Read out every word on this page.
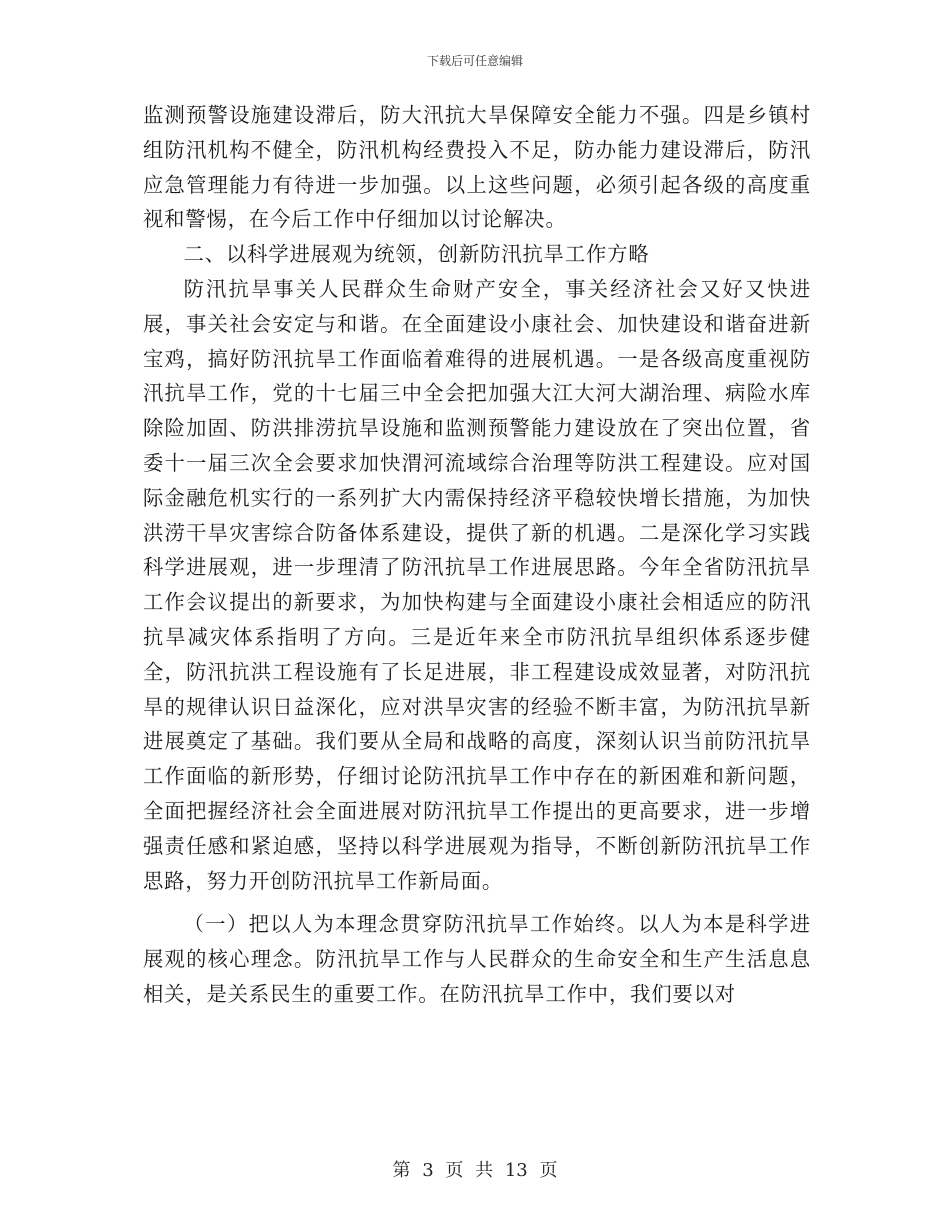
下载后可任意编辑

监测预警设施建设滞后，防大汛抗大旱保障安全能力不强。四是乡镇村组防汛机构不健全，防汛机构经费投入不足，防办能力建设滞后，防汛应急管理能力有待进一步加强。以上这些问题，必须引起各级的高度重视和警惕，在今后工作中仔细加以讨论解决。

二、以科学进展观为统领，创新防汛抗旱工作方略

防汛抗旱事关人民群众生命财产安全，事关经济社会又好又快进展，事关社会安定与和谐。在全面建设小康社会、加快建设和谐奋进新宝鸡，搞好防汛抗旱工作面临着难得的进展机遇。一是各级高度重视防汛抗旱工作，党的十七届三中全会把加强大江大河大湖治理、病险水库除险加固、防洪排涝抗旱设施和监测预警能力建设放在了突出位置，省委十一届三次全会要求加快渭河流域综合治理等防洪工程建设。应对国际金融危机实行的一系列扩大内需保持经济平稳较快增长措施，为加快洪涝干旱灾害综合防备体系建设，提供了新的机遇。二是深化学习实践科学进展观，进一步理清了防汛抗旱工作进展思路。今年全省防汛抗旱工作会议提出的新要求，为加快构建与全面建设小康社会相适应的防汛抗旱减灾体系指明了方向。三是近年来全市防汛抗旱组织体系逐步健全，防汛抗洪工程设施有了长足进展，非工程建设成效显著，对防汛抗旱的规律认识日益深化，应对洪旱灾害的经验不断丰富，为防汛抗旱新进展奠定了基础。我们要从全局和战略的高度，深刻认识当前防汛抗旱工作面临的新形势，仔细讨论防汛抗旱工作中存在的新困难和新问题，全面把握经济社会全面进展对防汛抗旱工作提出的更高要求，进一步增强责任感和紧迫感，坚持以科学进展观为指导，不断创新防汛抗旱工作思路，努力开创防汛抗旱工作新局面。

（一）把以人为本理念贯穿防汛抗旱工作始终。以人为本是科学进展观的核心理念。防汛抗旱工作与人民群众的生命安全和生产生活息息相关，是关系民生的重要工作。在防汛抗旱工作中，我们要以对

第 3 页 共 13 页
